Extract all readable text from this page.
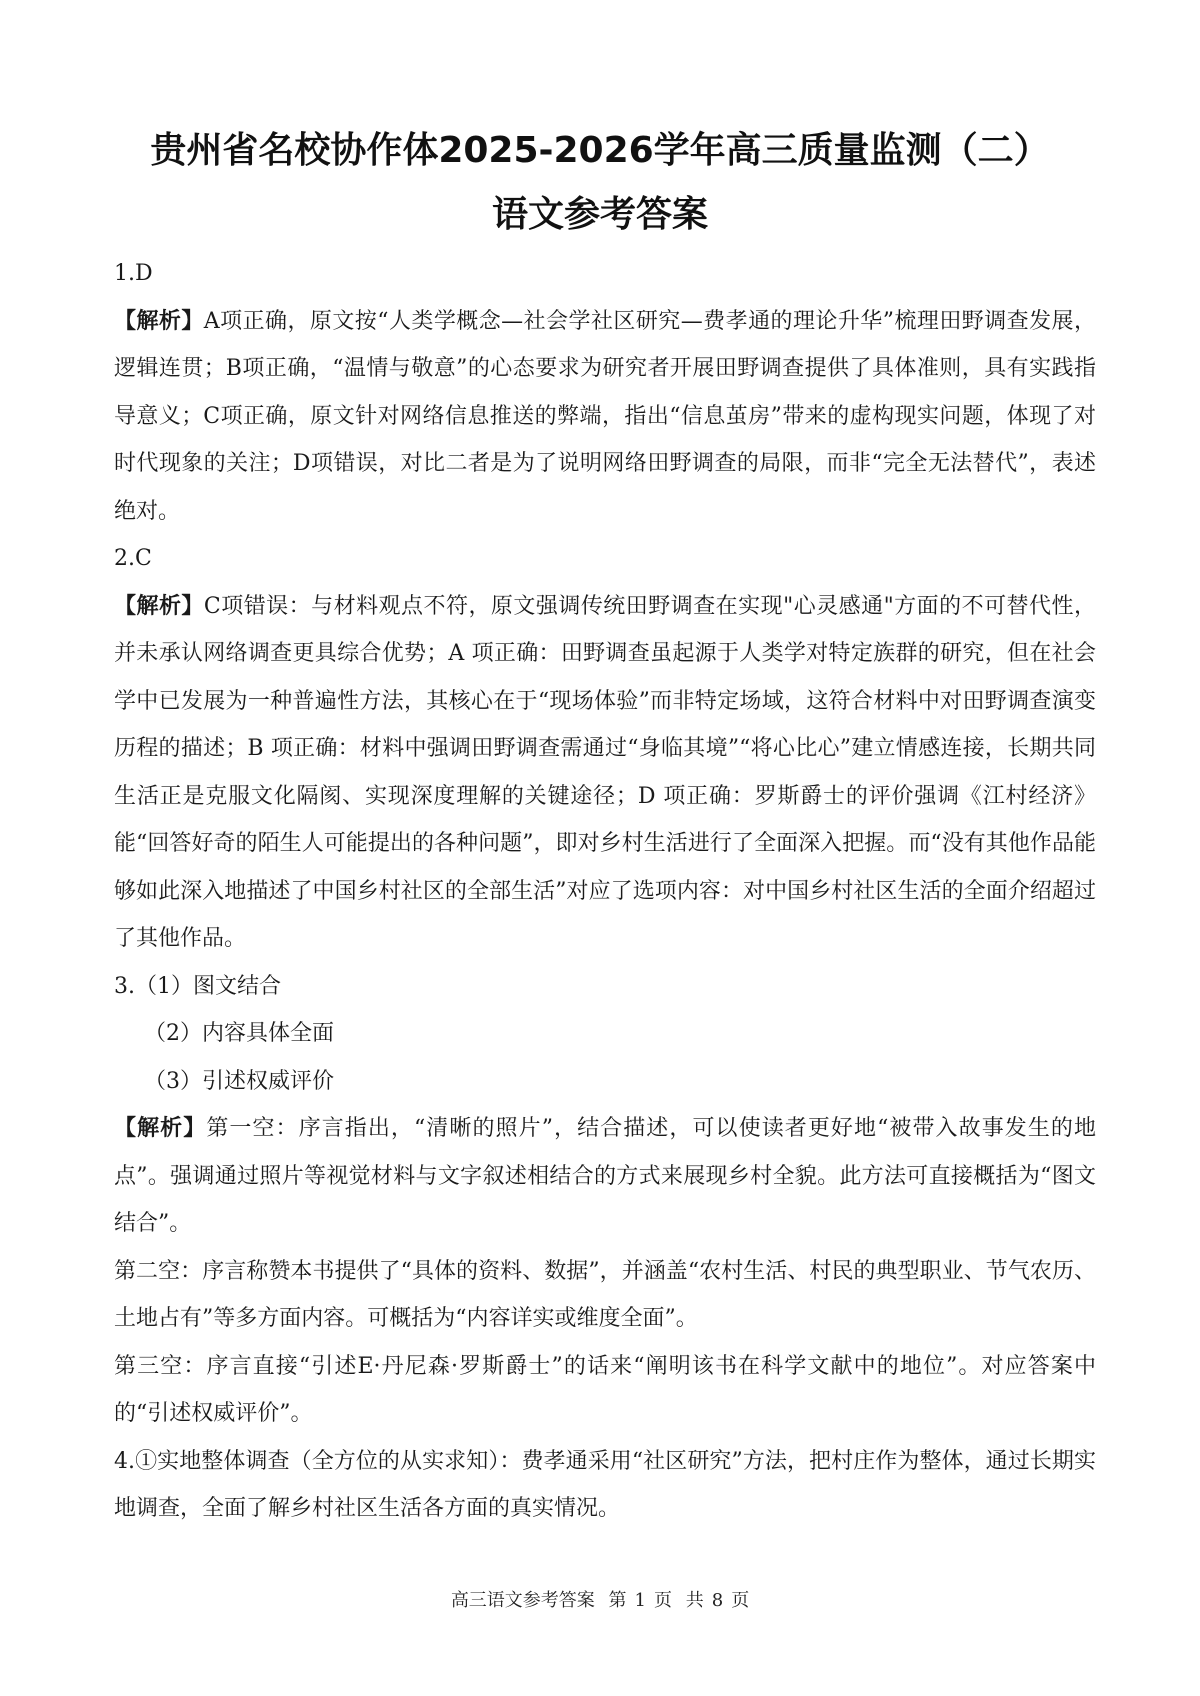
贵州省名校协作体2025-2026学年高三质量监测（二）
语文参考答案

1.D

【解析】A项正确，原文按“人类学概念—社会学社区研究—费孝通的理论升华”梳理田野调查发展，逻辑连贯；B项正确，“温情与敬意”的心态要求为研究者开展田野调查提供了具体准则，具有实践指导意义；C项正确，原文针对网络信息推送的弊端，指出“信息茧房”带来的虚构现实问题，体现了对时代现象的关注；D项错误，对比二者是为了说明网络田野调查的局限，而非“完全无法替代”，表述绝对。

2.C

【解析】C项错误：与材料观点不符，原文强调传统田野调查在实现"心灵感通"方面的不可替代性，并未承认网络调查更具综合优势；A 项正确：田野调查虽起源于人类学对特定族群的研究，但在社会学中已发展为一种普遍性方法，其核心在于“现场体验”而非特定场域，这符合材料中对田野调查演变历程的描述；B 项正确：材料中强调田野调查需通过“身临其境”“将心比心”建立情感连接，长期共同生活正是克服文化隔阂、实现深度理解的关键途径；D 项正确：罗斯爵士的评价强调《江村经济》能“回答好奇的陌生人可能提出的各种问题”，即对乡村生活进行了全面深入把握。而“没有其他作品能够如此深入地描述了中国乡村社区的全部生活”对应了选项内容：对中国乡村社区生活的全面介绍超过了其他作品。

3.（1）图文结合

（2）内容具体全面

（3）引述权威评价

【解析】第一空：序言指出，“清晰的照片”，结合描述，可以使读者更好地“被带入故事发生的地点”。强调通过照片等视觉材料与文字叙述相结合的方式来展现乡村全貌。此方法可直接概括为“图文结合”。

第二空：序言称赞本书提供了“具体的资料、数据”，并涵盖“农村生活、村民的典型职业、节气农历、土地占有”等多方面内容。可概括为“内容详实或维度全面”。

第三空：序言直接“引述E·丹尼森·罗斯爵士”的话来“阐明该书在科学文献中的地位”。对应答案中的“引述权威评价”。

4.①实地整体调查（全方位的从实求知）：费孝通采用“社区研究”方法，把村庄作为整体，通过长期实地调查，全面了解乡村社区生活各方面的真实情况。

高三语文参考答案 第 1 页 共 8 页
